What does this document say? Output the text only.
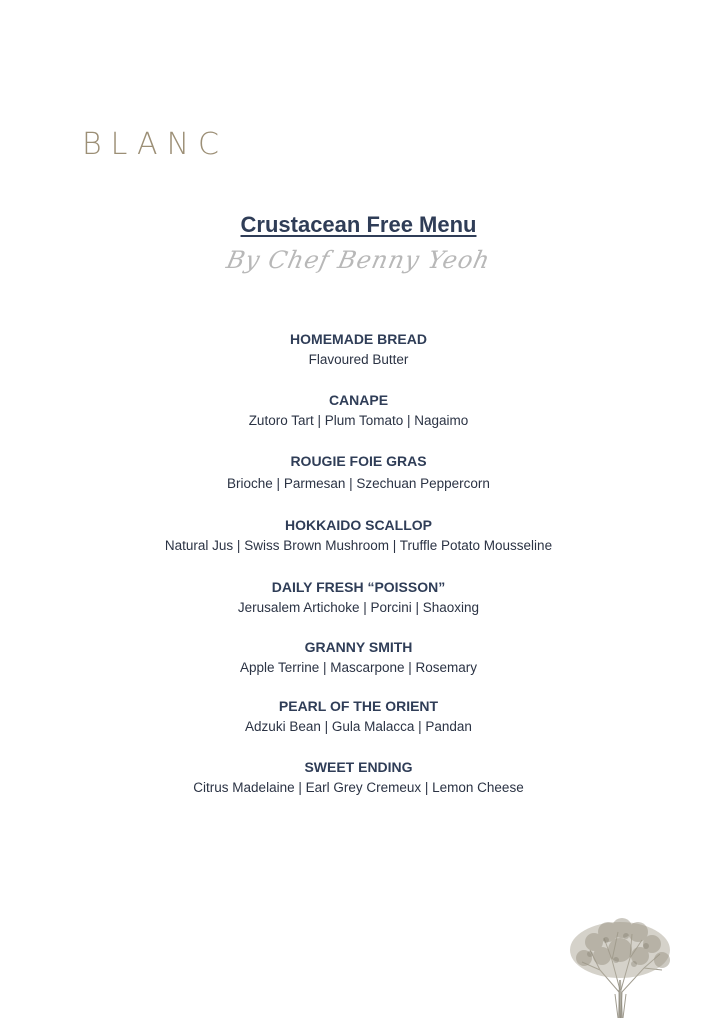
BLANC
Crustacean Free Menu
By Chef Benny Yeoh
HOMEMADE BREAD
Flavoured Butter
CANAPE
Zutoro Tart | Plum Tomato | Nagaimo
ROUGIE FOIE GRAS
Brioche | Parmesan | Szechuan Peppercorn
HOKKAIDO SCALLOP
Natural Jus | Swiss Brown Mushroom | Truffle Potato Mousseline
DAILY FRESH “POISSON”
Jerusalem Artichoke | Porcini | Shaoxing
GRANNY SMITH
Apple Terrine | Mascarpone | Rosemary
PEARL OF THE ORIENT
Adzuki Bean | Gula Malacca | Pandan
SWEET ENDING
Citrus Madelaine | Earl Grey Cremeux | Lemon Cheese
